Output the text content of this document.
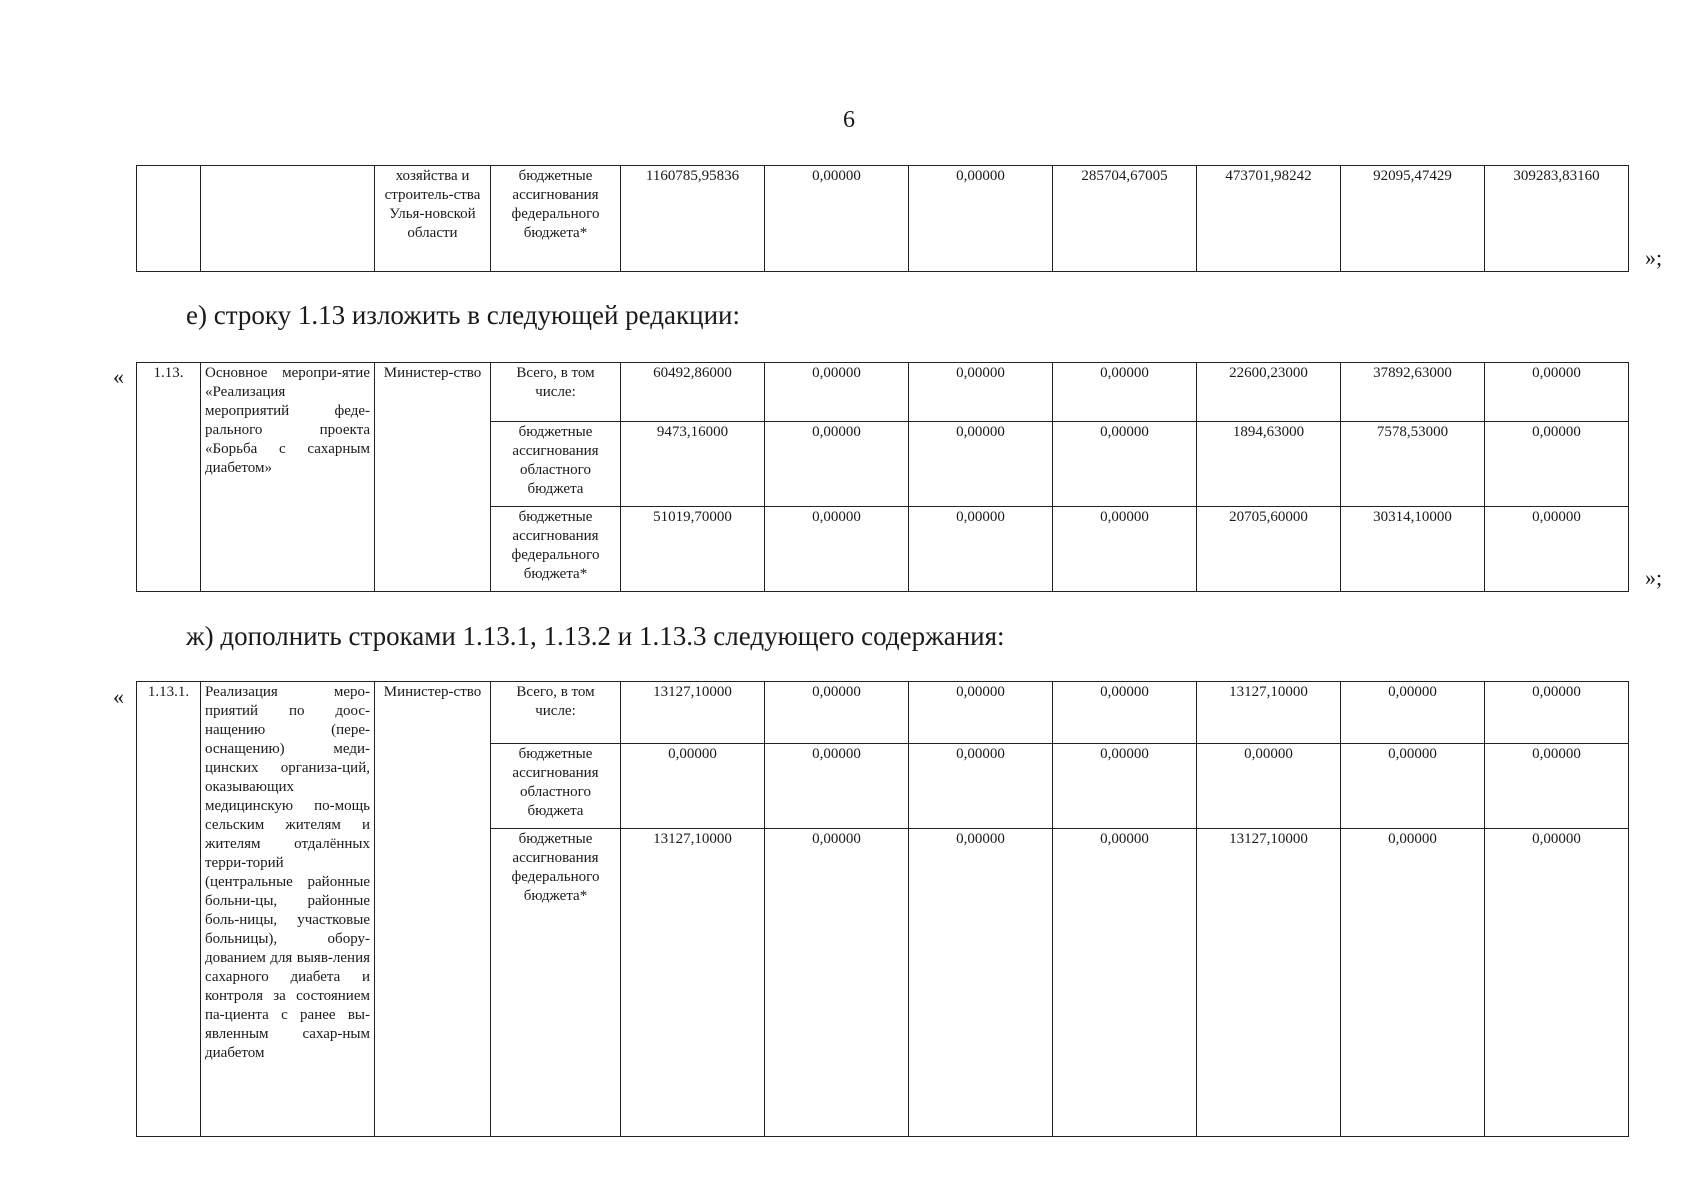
6
		хозяйства и строитель-ства Улья-новской области	бюджетные ассигнования федерального бюджета*	1160785,95836	0,00000	0,00000	285704,67005	473701,98242	92095,47429	309283,83160
»;
е) строку 1.13 изложить в следующей редакции:
« 1.13.	Основное меропри-ятие «Реализация мероприятий феде-рального проекта «Борьба с сахарным диабетом»	Министер-ство	Всего, в том числе:	60492,86000	0,00000	0,00000	0,00000	22600,23000	37892,63000	0,00000
			бюджетные ассигнования областного бюджета	9473,16000	0,00000	0,00000	0,00000	1894,63000	7578,53000	0,00000
			бюджетные ассигнования федерального бюджета*	51019,70000	0,00000	0,00000	0,00000	20705,60000	30314,10000	0,00000
»;
ж) дополнить строками 1.13.1, 1.13.2 и 1.13.3 следующего содержания:
« 1.13.1.	Реализация меро-приятий по доос-нащению (пере-оснащению) меди-цинских организа-ций, оказывающих медицинскую по-мощь сельским жителям и жителям отдалённых терри-торий (центральные районные больни-цы, районные боль-ницы, участковые больницы), обору-дованием для выяв-ления сахарного диабета и контроля за состоянием па-циента с ранее вы-явленным сахар-ным диабетом	Министер-ство	Всего, в том числе:	13127,10000	0,00000	0,00000	0,00000	13127,10000	0,00000	0,00000
			бюджетные ассигнования областного бюджета	0,00000	0,00000	0,00000	0,00000	0,00000	0,00000	0,00000
			бюджетные ассигнования федерального бюджета*	13127,10000	0,00000	0,00000	0,00000	13127,10000	0,00000	0,00000
